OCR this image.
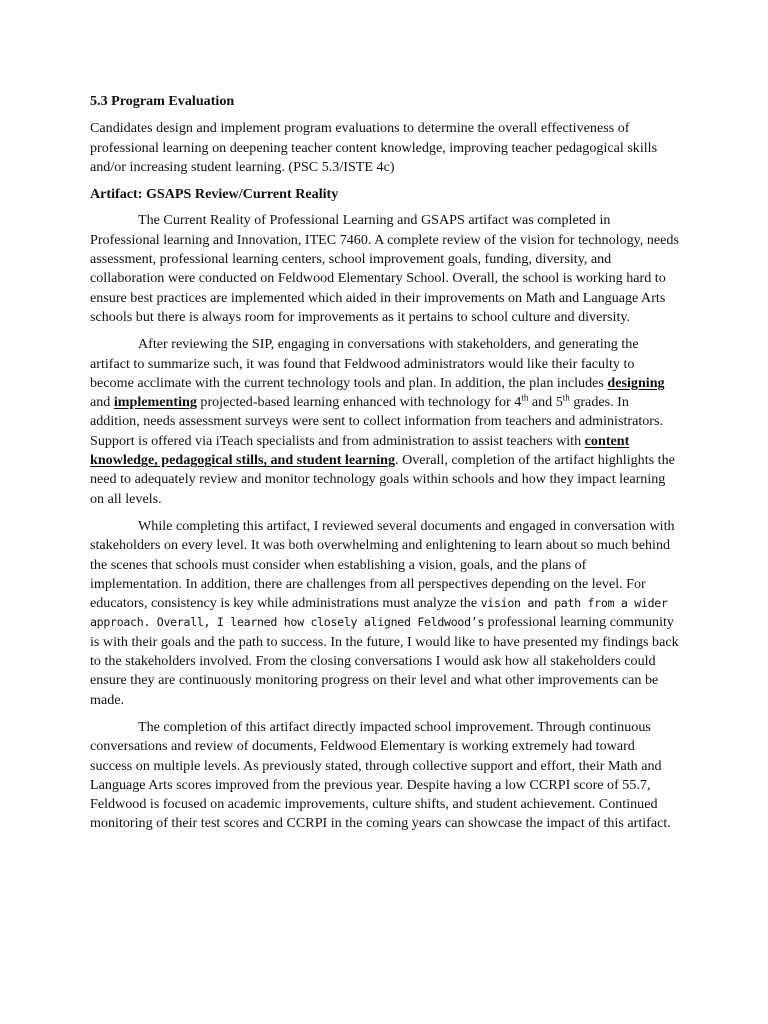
5.3 Program Evaluation

Candidates design and implement program evaluations to determine the overall effectiveness of professional learning on deepening teacher content knowledge, improving teacher pedagogical skills and/or increasing student learning. (PSC 5.3/ISTE 4c)

Artifact: GSAPS Review/Current Reality

The Current Reality of Professional Learning and GSAPS artifact was completed in Professional learning and Innovation, ITEC 7460. A complete review of the vision for technology, needs assessment, professional learning centers, school improvement goals, funding, diversity, and collaboration were conducted on Feldwood Elementary School. Overall, the school is working hard to ensure best practices are implemented which aided in their improvements on Math and Language Arts schools but there is always room for improvements as it pertains to school culture and diversity.

After reviewing the SIP, engaging in conversations with stakeholders, and generating the artifact to summarize such, it was found that Feldwood administrators would like their faculty to become acclimate with the current technology tools and plan. In addition, the plan includes designing and implementing projected-based learning enhanced with technology for 4th and 5th grades. In addition, needs assessment surveys were sent to collect information from teachers and administrators. Support is offered via iTeach specialists and from administration to assist teachers with content knowledge, pedagogical stills, and student learning. Overall, completion of the artifact highlights the need to adequately review and monitor technology goals within schools and how they impact learning on all levels.

While completing this artifact, I reviewed several documents and engaged in conversation with stakeholders on every level. It was both overwhelming and enlightening to learn about so much behind the scenes that schools must consider when establishing a vision, goals, and the plans of implementation. In addition, there are challenges from all perspectives depending on the level. For educators, consistency is key while administrations must analyze the vision and path from a wider approach. Overall, I learned how closely aligned Feldwood’s professional learning community is with their goals and the path to success. In the future, I would like to have presented my findings back to the stakeholders involved. From the closing conversations I would ask how all stakeholders could ensure they are continuously monitoring progress on their level and what other improvements can be made.

The completion of this artifact directly impacted school improvement. Through continuous conversations and review of documents, Feldwood Elementary is working extremely had toward success on multiple levels. As previously stated, through collective support and effort, their Math and Language Arts scores improved from the previous year. Despite having a low CCRPI score of 55.7, Feldwood is focused on academic improvements, culture shifts, and student achievement. Continued monitoring of their test scores and CCRPI in the coming years can showcase the impact of this artifact.
